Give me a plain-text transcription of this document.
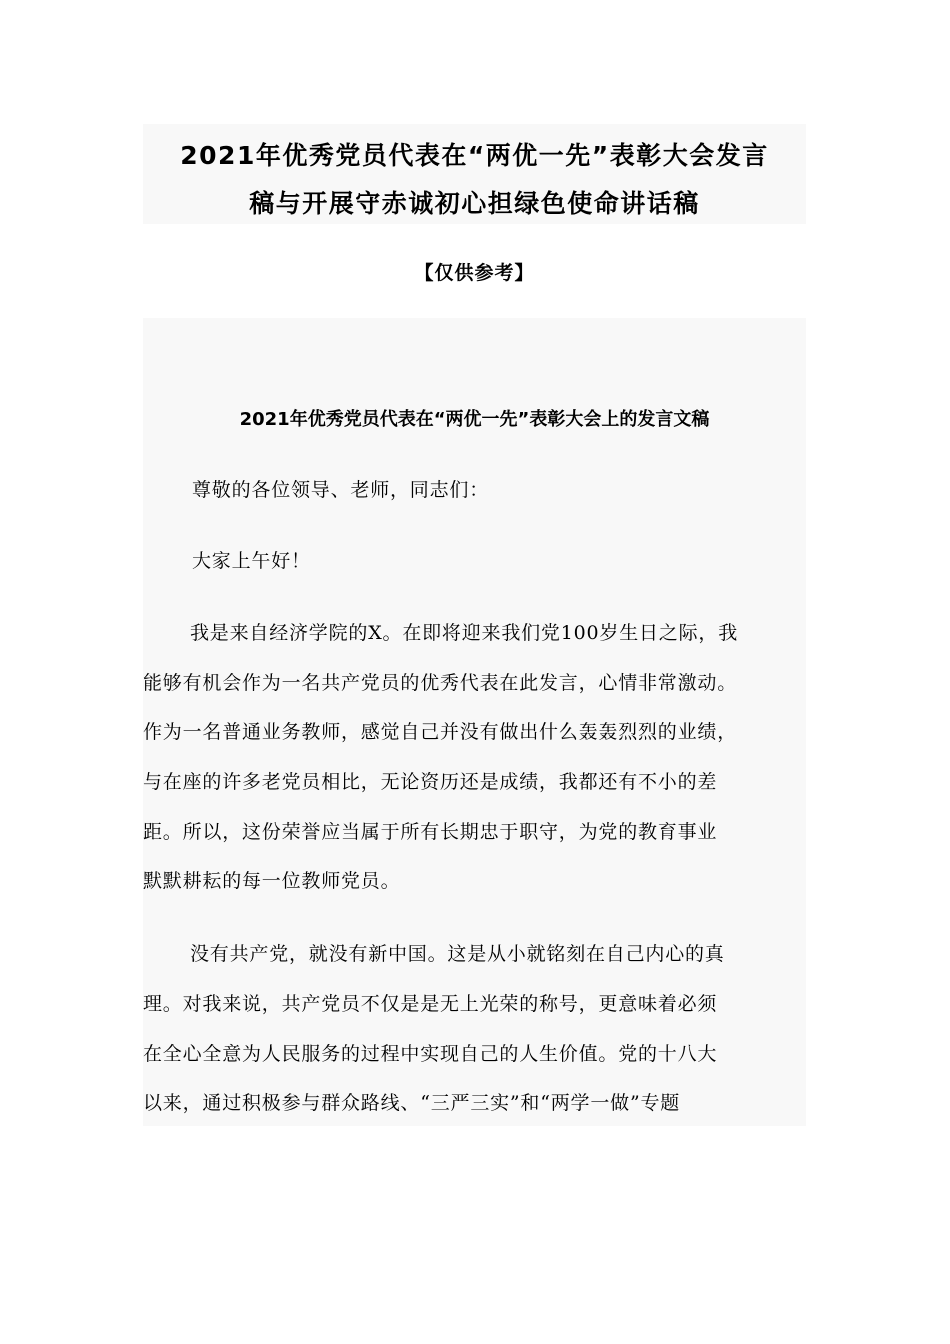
2021年优秀党员代表在“两优一先”表彰大会发言
稿与开展守赤诚初心担绿色使命讲话稿
【仅供参考】
2021年优秀党员代表在“两优一先”表彰大会上的发言文稿
尊敬的各位领导、老师，同志们：
大家上午好！
我是来自经济学院的X。在即将迎来我们党100岁生日之际，我
能够有机会作为一名共产党员的优秀代表在此发言，心情非常激动。
作为一名普通业务教师，感觉自己并没有做出什么轰轰烈烈的业绩，
与在座的许多老党员相比，无论资历还是成绩，我都还有不小的差
距。所以，这份荣誉应当属于所有长期忠于职守，为党的教育事业
默默耕耘的每一位教师党员。
没有共产党，就没有新中国。这是从小就铭刻在自己内心的真
理。对我来说，共产党员不仅是是无上光荣的称号，更意味着必须
在全心全意为人民服务的过程中实现自己的人生价值。党的十八大
以来，通过积极参与群众路线、“三严三实”和“两学一做”专题
